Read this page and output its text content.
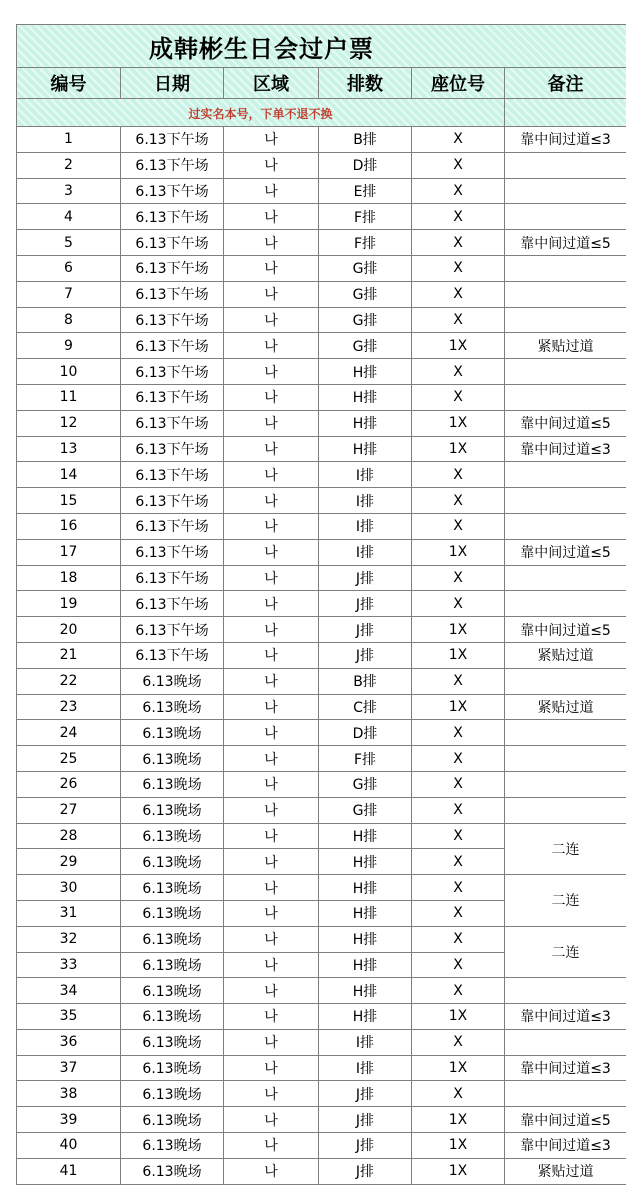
成韩彬生日会过户票					
编号	日期	区域	排数	座位号	备注
过实名本号，下单不退不换					
1	6.13下午场	나	B排	X	靠中间过道≤3
2	6.13下午场	나	D排	X	
3	6.13下午场	나	E排	X	
4	6.13下午场	나	F排	X	
5	6.13下午场	나	F排	X	靠中间过道≤5
6	6.13下午场	나	G排	X	
7	6.13下午场	나	G排	X	
8	6.13下午场	나	G排	X	
9	6.13下午场	나	G排	1X	紧贴过道
10	6.13下午场	나	H排	X	
11	6.13下午场	나	H排	X	
12	6.13下午场	나	H排	1X	靠中间过道≤5
13	6.13下午场	나	H排	1X	靠中间过道≤3
14	6.13下午场	나	I排	X	
15	6.13下午场	나	I排	X	
16	6.13下午场	나	I排	X	
17	6.13下午场	나	I排	1X	靠中间过道≤5
18	6.13下午场	나	J排	X	
19	6.13下午场	나	J排	X	
20	6.13下午场	나	J排	1X	靠中间过道≤5
21	6.13下午场	나	J排	1X	紧贴过道
22	6.13晚场	나	B排	X	
23	6.13晚场	나	C排	1X	紧贴过道
24	6.13晚场	나	D排	X	
25	6.13晚场	나	F排	X	
26	6.13晚场	나	G排	X	
27	6.13晚场	나	G排	X	
28	6.13晚场	나	H排	X	二连
29	6.13晚场	나	H排	X	
30	6.13晚场	나	H排	X	二连
31	6.13晚场	나	H排	X	
32	6.13晚场	나	H排	X	二连
33	6.13晚场	나	H排	X	
34	6.13晚场	나	H排	X	
35	6.13晚场	나	H排	1X	靠中间过道≤3
36	6.13晚场	나	I排	X	
37	6.13晚场	나	I排	1X	靠中间过道≤3
38	6.13晚场	나	J排	X	
39	6.13晚场	나	J排	1X	靠中间过道≤5
40	6.13晚场	나	J排	1X	靠中间过道≤3
41	6.13晚场	나	J排	1X	紧贴过道
